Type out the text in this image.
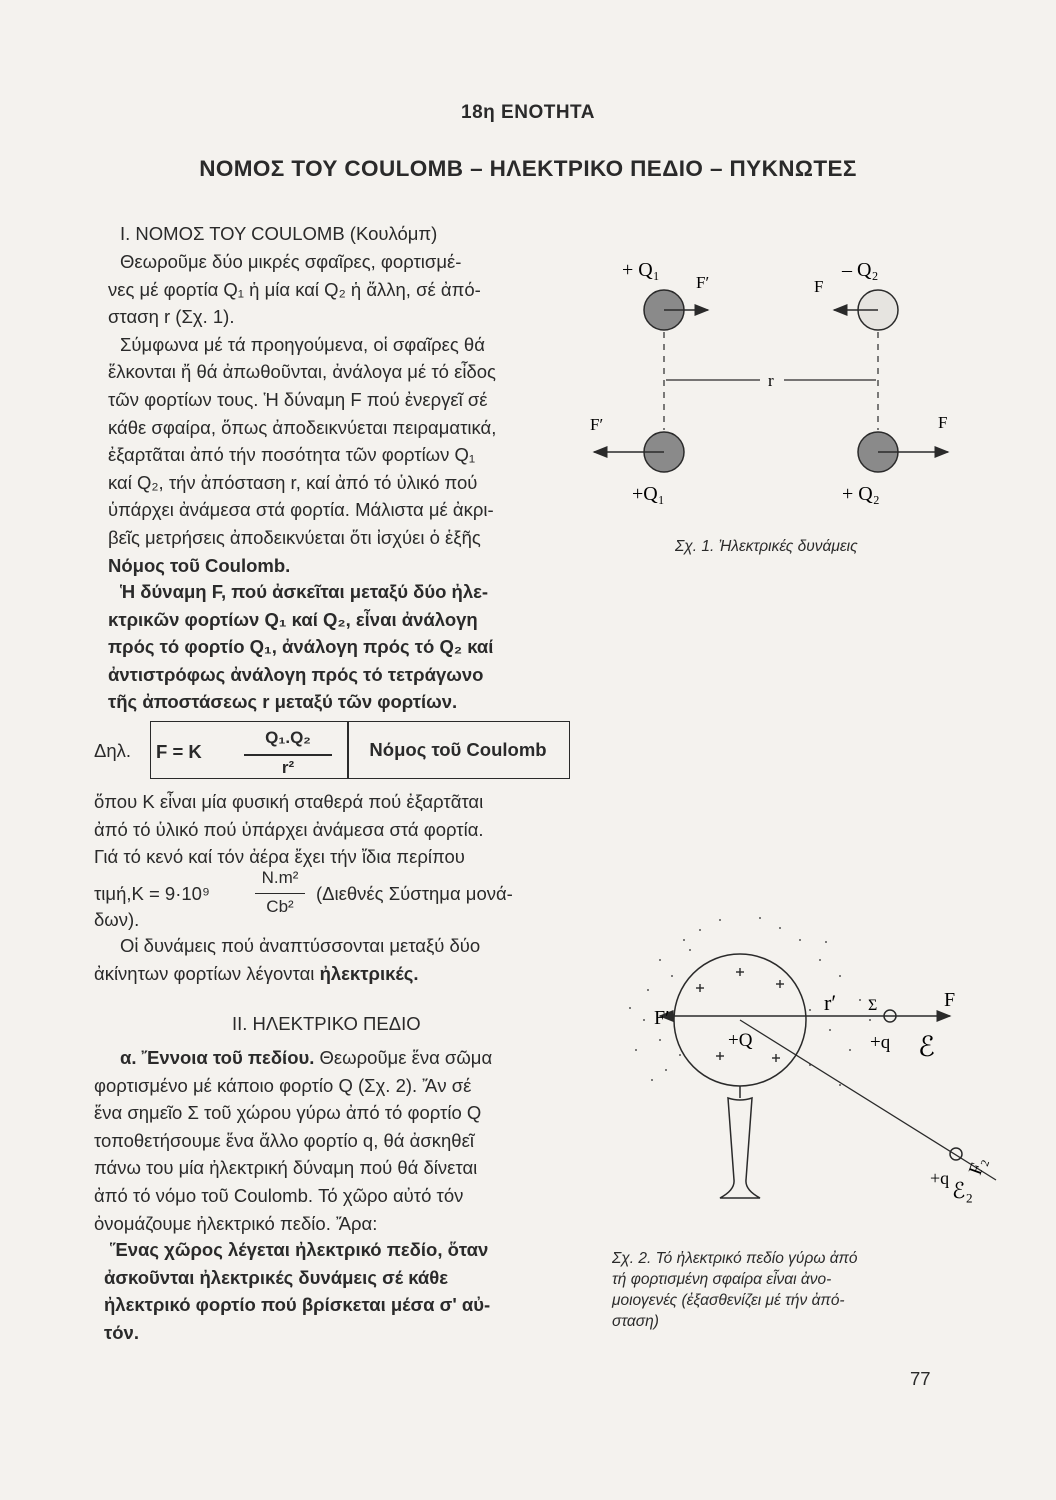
18η ΕΝΟΤΗΤΑ
ΝΟΜΟΣ ΤΟΥ COULOMB – ΗΛΕΚΤΡΙΚΟ ΠΕΔΙΟ – ΠΥΚΝΩΤΕΣ
Ι. ΝΟΜΟΣ ΤΟΥ COULOMB (Κουλόμπ)
Θεωροῦμε δύο μικρές σφαῖρες, φορτισμέ-
νες μέ φορτία Q₁ ἡ μία καί Q₂ ἡ ἄλλη, σέ ἀπό-
σταση r (Σχ. 1).
Σύμφωνα μέ τά προηγούμενα, οἱ σφαῖρες θά
ἕλκονται ἤ θά ἀπωθοῦνται, ἀνάλογα μέ τό εἶδος
τῶν φορτίων τους. Ἡ δύναμη F πού ἐνεργεῖ σέ
κάθε σφαίρα, ὅπως ἀποδεικνύεται πειραματικά,
ἐξαρτᾶται ἀπό τήν ποσότητα τῶν φορτίων Q₁
καί Q₂, τήν ἀπόσταση r, καί ἀπό τό ὑλικό πού
ὑπάρχει ἀνάμεσα στά φορτία. Μάλιστα μέ ἀκρι-
βεῖς μετρήσεις ἀποδεικνύεται ὅτι ἰσχύει ὁ ἑξῆς
Νόμος τοῦ Coulomb.
Ἡ δύναμη F, πού ἀσκεῖται μεταξύ δύο ἠλε-
κτρικῶν φορτίων Q₁ καί Q₂, εἶναι ἀνάλογη
πρός τό φορτίο Q₁, ἀνάλογη πρός τό Q₂ καί
ἀντιστρόφως ἀνάλογη πρός τό τετράγωνο
τῆς ἀποστάσεως r μεταξύ τῶν φορτίων.
Δηλ. F = K
Q₁.Q₂
r²
Νόμος τοῦ Coulomb
ὅπου K εἶναι μία φυσική σταθερά πού ἐξαρτᾶται
ἀπό τό ὑλικό πού ὑπάρχει ἀνάμεσα στά φορτία.
Γιά τό κενό καί τόν ἀέρα ἔχει τήν ἴδια περίπου
τιμή,K = 9·10⁹
N.m²
Cb²
(Διεθνές Σύστημα μονά-
δων).
Οἱ δυνάμεις πού ἀναπτύσσονται μεταξύ δύο
ἀκίνητων φορτίων λέγονται ἠλεκτρικές.
ΙΙ. ΗΛΕΚΤΡΙΚΟ ΠΕΔΙΟ
α. Ἔννοια τοῦ πεδίου. Θεωροῦμε ἕνα σῶμα
φορτισμένο μέ κάποιο φορτίο Q (Σχ. 2). Ἄν σέ
ἕνα σημεῖο Σ τοῦ χώρου γύρω ἀπό τό φορτίο Q
τοποθετήσουμε ἕνα ἄλλο φορτίο q, θά ἀσκηθεῖ
πάνω του μία ἠλεκτρική δύναμη πού θά δίνεται
ἀπό τό νόμο τοῦ Coulomb. Τό χῶρο αὐτό τόν
ὀνομάζουμε ἠλεκτρικό πεδίο. Ἄρα:
Ἕνας χῶρος λέγεται ἠλεκτρικό πεδίο, ὅταν
ἀσκοῦνται ἠλεκτρικές δυνάμεις σέ κάθε
ἠλεκτρικό φορτίο πού βρίσκεται μέσα σ' αὐ-
τόν.
+ Q₁	– Q₂
F′	F
r
F′	F
+Q₁	+ Q₂
Σχ. 1. Ἠλεκτρικές δυνάμεις
F′
r′ Σ	F
+q ℰ
+Q
F₂
+q ℰ₂
Σχ. 2. Τό ἠλεκτρικό πεδίο γύρω ἀπό
τή φορτισμένη σφαίρα εἶναι ἀνο-
μοιογενές (ἐξασθενίζει μέ τήν ἀπό-
σταση)
77
